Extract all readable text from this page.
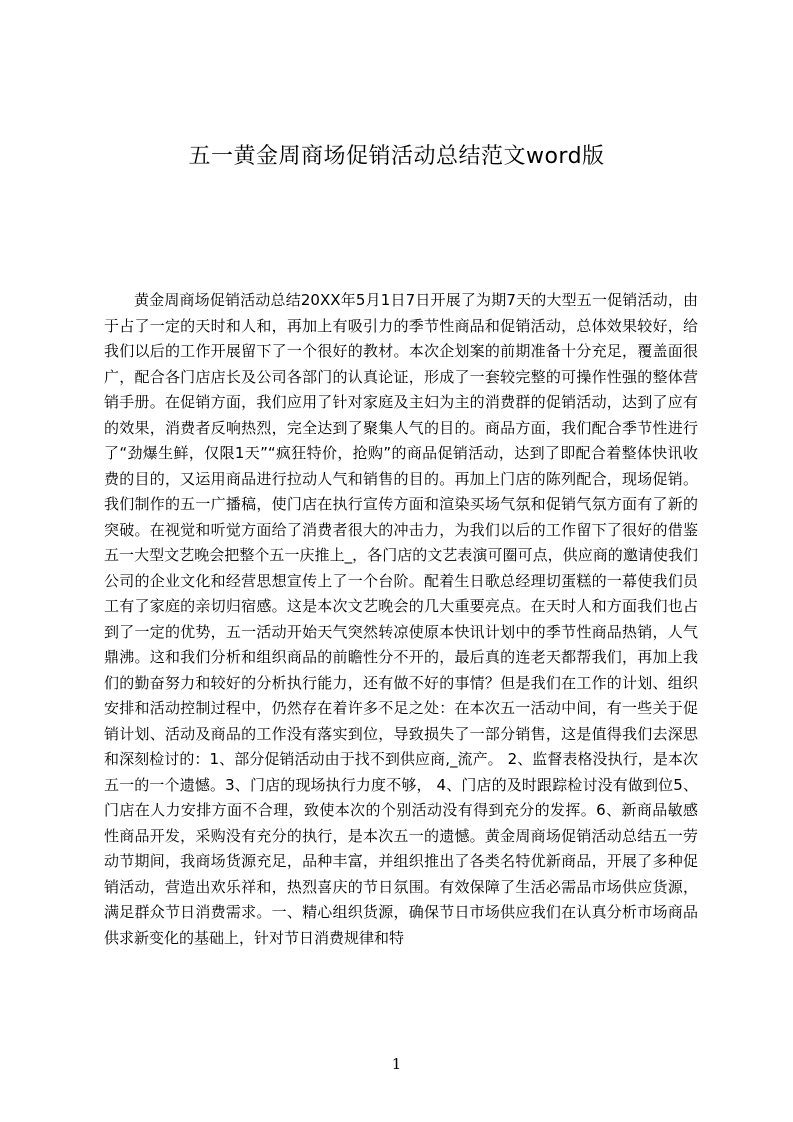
五一黄金周商场促销活动总结范文word版

黄金周商场促销活动总结20XX年5月1日7日开展了为期7天的大型五一促销活动，由于占了一定的天时和人和，再加上有吸引力的季节性商品和促销活动，总体效果较好，给我们以后的工作开展留下了一个很好的教材。本次企划案的前期准备十分充足，覆盖面很广，配合各门店店长及公司各部门的认真论证，形成了一套较完整的可操作性强的整体营销手册。在促销方面，我们应用了针对家庭及主妇为主的消费群的促销活动，达到了应有的效果，消费者反响热烈，完全达到了聚集人气的目的。商品方面，我们配合季节性进行了“劲爆生鲜，仅限1天”“疯狂特价，抢购”的商品促销活动，达到了即配合着整体快讯收费的目的，又运用商品进行拉动人气和销售的目的。再加上门店的陈列配合，现场促销。我们制作的五一广播稿，使门店在执行宣传方面和渲染买场气氛和促销气氛方面有了新的突破。在视觉和听觉方面给了消费者很大的冲击力，为我们以后的工作留下了很好的借鉴五一大型文艺晚会把整个五一庆推上_，各门店的文艺表演可圈可点，供应商的邀请使我们公司的企业文化和经营思想宣传上了一个台阶。配着生日歌总经理切蛋糕的一幕使我们员工有了家庭的亲切归宿感。这是本次文艺晚会的几大重要亮点。在天时人和方面我们也占到了一定的优势，五一活动开始天气突然转凉使原本快讯计划中的季节性商品热销，人气鼎沸。这和我们分析和组织商品的前瞻性分不开的，最后真的连老天都帮我们，再加上我们的勤奋努力和较好的分析执行能力，还有做不好的事情？但是我们在工作的计划、组织安排和活动控制过程中，仍然存在着许多不足之处：在本次五一活动中间，有一些关于促销计划、活动及商品的工作没有落实到位，导致损失了一部分销售，这是值得我们去深思和深刻检讨的：1、部分促销活动由于找不到供应商,_流产。 2、监督表格没执行，是本次五一的一个遗憾。3、门店的现场执行力度不够， 4、门店的及时跟踪检讨没有做到位5、门店在人力安排方面不合理，致使本次的个别活动没有得到充分的发挥。6、新商品敏感性商品开发，采购没有充分的执行，是本次五一的遗憾。黄金周商场促销活动总结五一劳动节期间，我商场货源充足，品种丰富，并组织推出了各类名特优新商品，开展了多种促销活动，营造出欢乐祥和，热烈喜庆的节日氛围。有效保障了生活必需品市场供应货源，满足群众节日消费需求。一、精心组织货源，确保节日市场供应我们在认真分析市场商品供求新变化的基础上，针对节日消费规律和特

1
